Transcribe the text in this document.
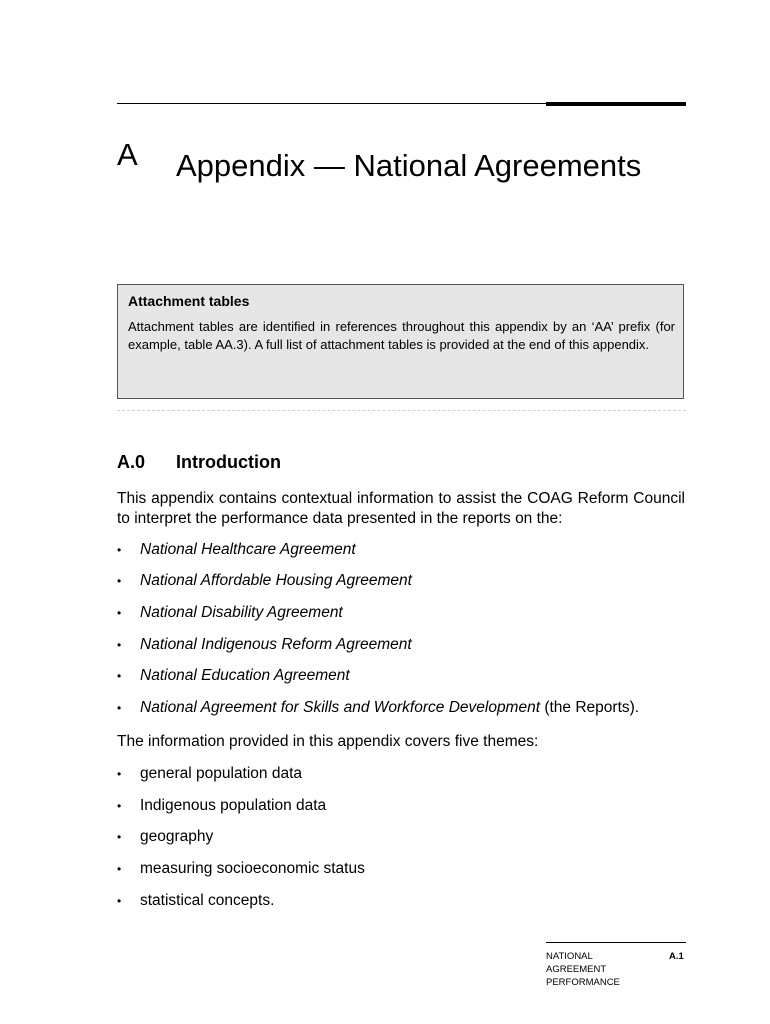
A Appendix — National Agreements
Attachment tables
Attachment tables are identified in references throughout this appendix by an ‘AA’ prefix (for example, table AA.3). A full list of attachment tables is provided at the end of this appendix.
A.0 Introduction
This appendix contains contextual information to assist the COAG Reform Council to interpret the performance data presented in the reports on the:
•	National Healthcare Agreement
•	National Affordable Housing Agreement
•	National Disability Agreement
•	National Indigenous Reform Agreement
•	National Education Agreement
•	National Agreement for Skills and Workforce Development (the Reports).
The information provided in this appendix covers five themes:
•	general population data
•	Indigenous population data
•	geography
•	measuring socioeconomic status
•	statistical concepts.
NATIONAL
AGREEMENT
PERFORMANCE
A.1
